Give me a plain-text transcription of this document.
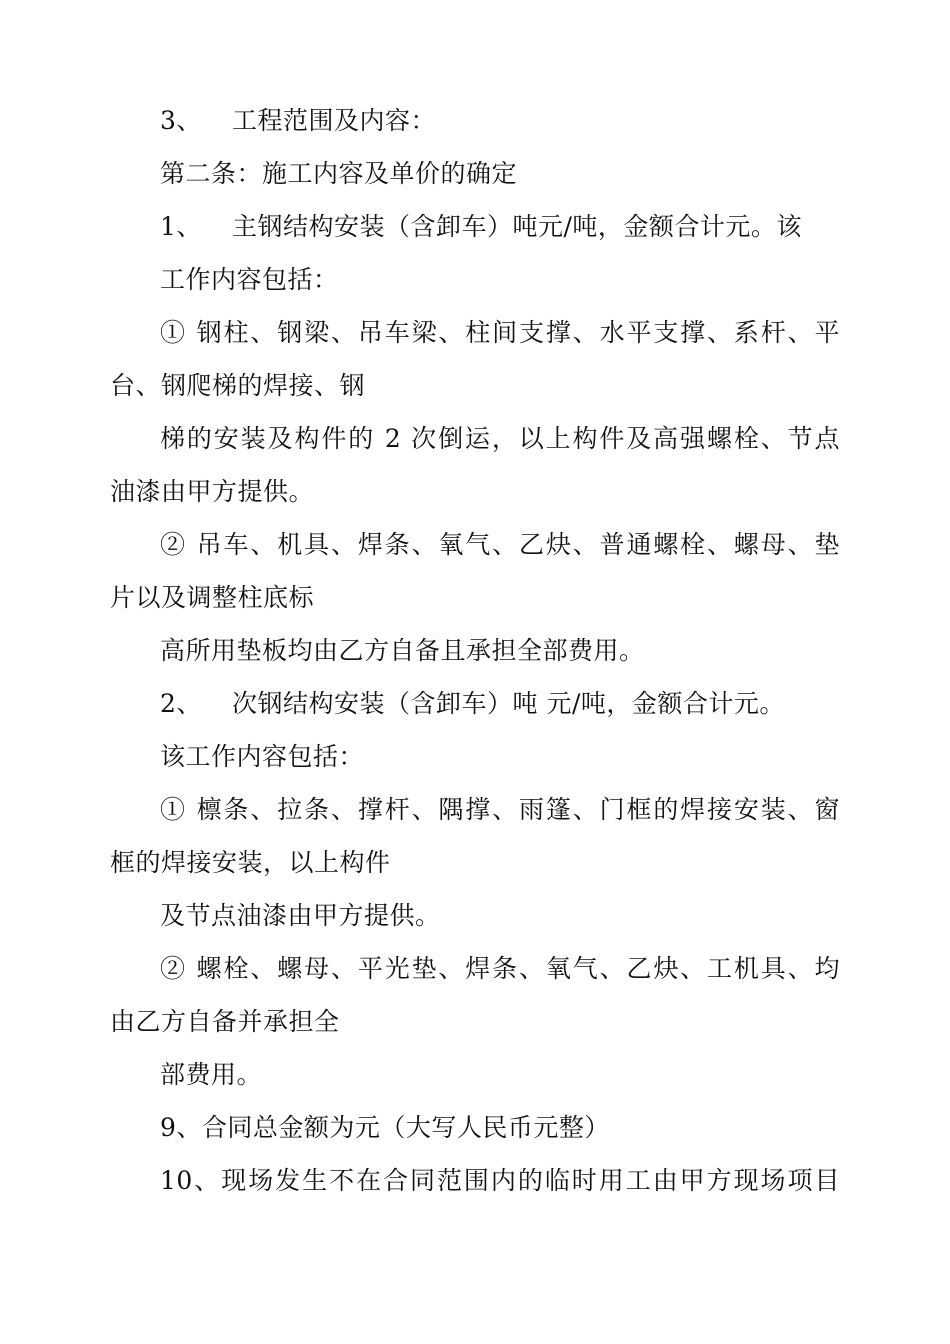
3、 工程范围及内容：
第二条：施工内容及单价的确定
1、 主钢结构安装（含卸车）吨元/吨，金额合计元。该
工作内容包括：
① 钢柱、钢梁、吊车梁、柱间支撑、水平支撑、系杆、平
台、钢爬梯的焊接、钢
梯的安装及构件的 2 次倒运，以上构件及高强螺栓、节点
油漆由甲方提供。
② 吊车、机具、焊条、氧气、乙炔、普通螺栓、螺母、垫
片以及调整柱底标
高所用垫板均由乙方自备且承担全部费用。
2、 次钢结构安装（含卸车）吨 元/吨，金额合计元。
该工作内容包括：
① 檩条、拉条、撑杆、隅撑、雨篷、门框的焊接安装、窗
框的焊接安装，以上构件
及节点油漆由甲方提供。
② 螺栓、螺母、平光垫、焊条、氧气、乙炔、工机具、均
由乙方自备并承担全
部费用。
9、合同总金额为元（大写人民币元整）
10、现场发生不在合同范围内的临时用工由甲方现场项目
